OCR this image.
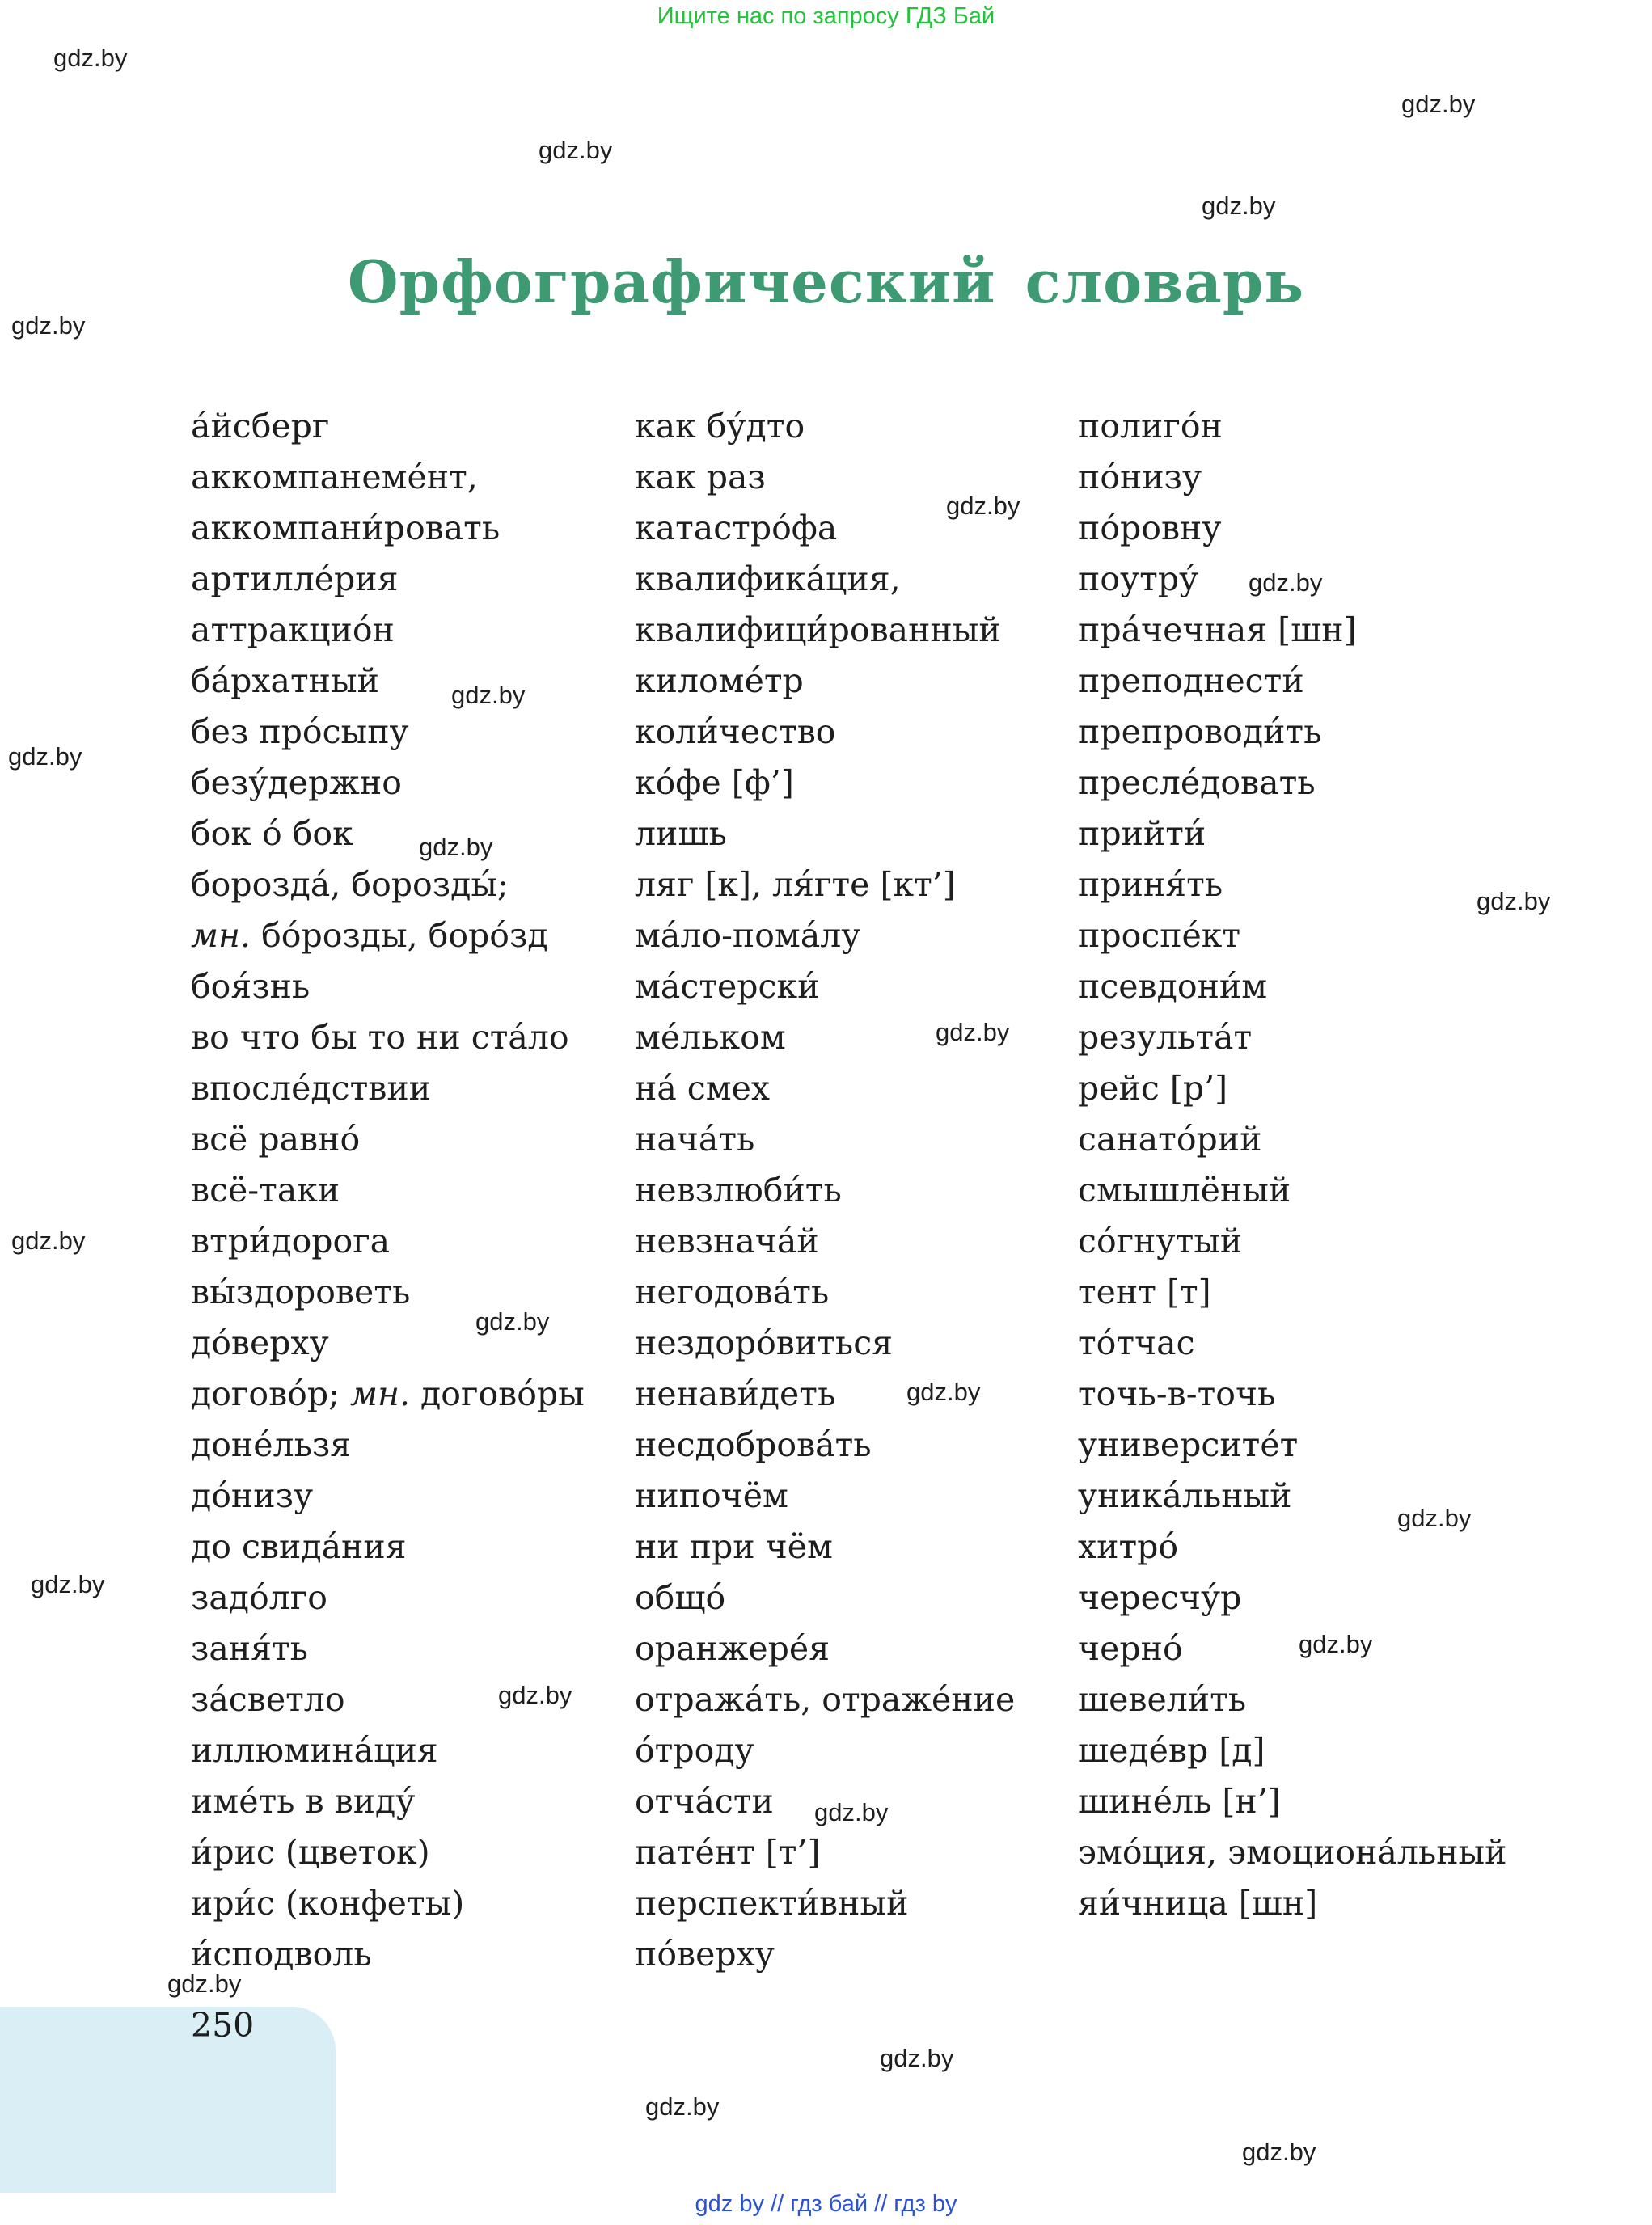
Ищите нас по запросу ГДЗ Бай
gdz.by
gdz.by
gdz.by
gdz.by
gdz.by
Орфографический словарь
а́йсберг
аккомпанеме́нт,
аккомпани́ровать
артилле́рия
аттракцио́н
ба́рхатный
без про́сыпу
безу́держно
бок о́ бок
борозда́, борозды́;
мн. бо́розды, боро́зд
боя́знь
во что бы то ни ста́ло
впосле́дствии
всё равно́
всё-таки
втри́дорога
вы́здороветь
до́верху
догово́р; мн. догово́ры
доне́льзя
до́низу
до свида́ния
задо́лго
заня́ть
за́светло
иллюмина́ция
име́ть в виду́
и́рис (цветок)
ири́с (конфеты)
и́сподволь
как бу́дто
как раз
катастро́фа
квалифика́ция,
квалифици́рованный
киломе́тр
коли́чество
ко́фе [ф’]
лишь
ляг [к], ля́гте [кт’]
ма́ло-пома́лу
ма́стерски́
ме́льком
на́ смех
нача́ть
невзлюби́ть
невзнача́й
негодова́ть
нездоро́виться
ненави́деть
несдоброва́ть
нипочём
ни при чём
общо́
оранжере́я
отража́ть, отраже́ние
о́троду
отча́сти
пате́нт [т’]
перспекти́вный
по́верху
полиго́н
по́низу
по́ровну
поутру́
пра́чечная [шн]
преподнести́
препроводи́ть
пресле́довать
прийти́
приня́ть
проспе́кт
псевдони́м
результа́т
рейс [р’]
санато́рий
смышлёный
со́гнутый
тент [т]
то́тчас
точь-в-точь
университе́т
уника́льный
хитро́
чересчу́р
черно́
шевели́ть
шеде́вр [д]
шине́ль [н’]
эмо́ция, эмоциона́льный
яи́чница [шн]
gdz.by
gdz.by
gdz.by
gdz.by
gdz.by
gdz.by
gdz.by
gdz.by
gdz.by
gdz.by
gdz.by
gdz.by
gdz.by
gdz.by
gdz.by
gdz.by
250
gdz.by
gdz.by
gdz.by
gdz by // гдз бай // гдз by
